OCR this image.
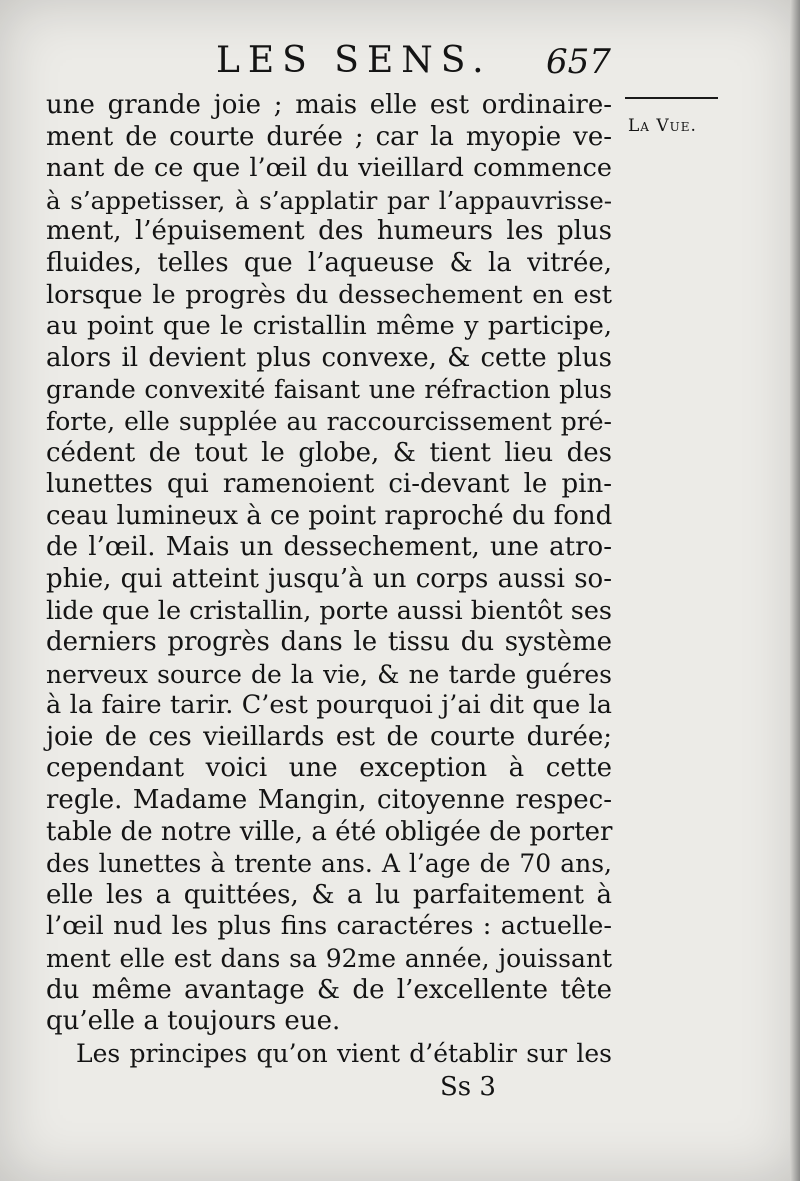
LES SENS. 657
La Vue.
une grande joie ; mais elle est ordinaire-
ment de courte durée ; car la myopie ve-
nant de ce que l’œil du vieillard commence
à s’appetisser, à s’applatir par l’appauvrisse-
ment, l’épuisement des humeurs les plus
fluides, telles que l’aqueuse & la vitrée,
lorsque le progrès du dessechement en est
au point que le cristallin même y participe,
alors il devient plus convexe, & cette plus
grande convexité faisant une réfraction plus
forte, elle supplée au raccourcissement pré-
cédent de tout le globe, & tient lieu des
lunettes qui ramenoient ci-devant le pin-
ceau lumineux à ce point raproché du fond
de l’œil. Mais un dessechement, une atro-
phie, qui atteint jusqu’à un corps aussi so-
lide que le cristallin, porte aussi bientôt ses
derniers progrès dans le tissu du système
nerveux source de la vie, & ne tarde guéres
à la faire tarir. C’est pourquoi j’ai dit que la
joie de ces vieillards est de courte durée;
cependant voici une exception à cette
regle. Madame Mangin, citoyenne respec-
table de notre ville, a été obligée de porter
des lunettes à trente ans. A l’age de 70 ans,
elle les a quittées, & a lu parfaitement à
l’œil nud les plus fins caractéres : actuelle-
ment elle est dans sa 92me année, jouissant
du même avantage & de l’excellente tête
qu’elle a toujours eue.
Les principes qu’on vient d’établir sur les
Ss 3
